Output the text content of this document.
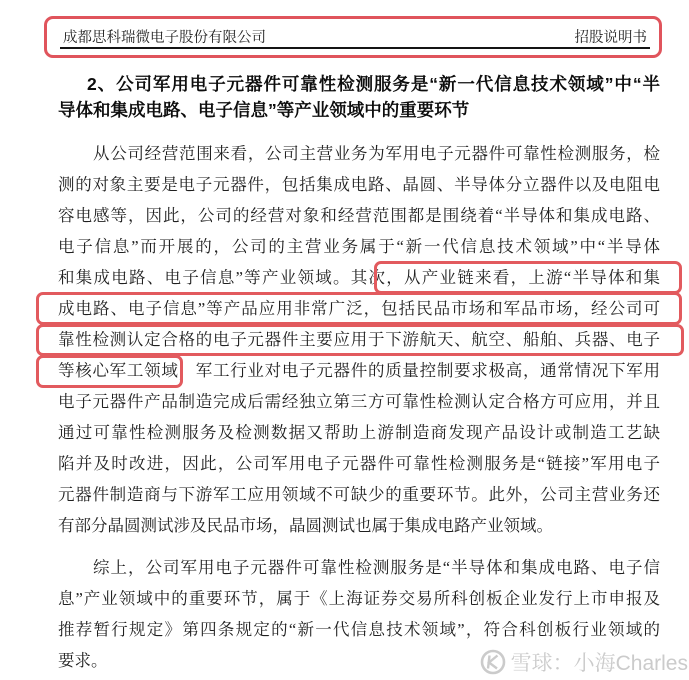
成都思科瑞微电子股份有限公司	招股说明书
2、公司军用电子元器件可靠性检测服务是“新一代信息技术领域”中“半
导体和集成电路、电子信息”等产业领域中的重要环节
从公司经营范围来看，公司主营业务为军用电子元器件可靠性检测服务，检
测的对象主要是电子元器件，包括集成电路、晶圆、半导体分立器件以及电阻电
容电感等，因此，公司的经营对象和经营范围都是围绕着“半导体和集成电路、
电子信息”而开展的，公司的主营业务属于“新一代信息技术领域”中“半导体
和集成电路、电子信息”等产业领域。其次，从产业链来看，上游“半导体和集
成电路、电子信息”等产品应用非常广泛，包括民品市场和军品市场，经公司可
靠性检测认定合格的电子元器件主要应用于下游航天、航空、船舶、兵器、电子
等核心军工领域，军工行业对电子元器件的质量控制要求极高，通常情况下军用
电子元器件产品制造完成后需经独立第三方可靠性检测认定合格方可应用，并且
通过可靠性检测服务及检测数据又帮助上游制造商发现产品设计或制造工艺缺
陷并及时改进，因此，公司军用电子元器件可靠性检测服务是“链接”军用电子
元器件制造商与下游军工应用领域不可缺少的重要环节。此外，公司主营业务还
有部分晶圆测试涉及民品市场，晶圆测试也属于集成电路产业领域。
综上，公司军用电子元器件可靠性检测服务是“半导体和集成电路、电子信
息”产业领域中的重要环节，属于《上海证券交易所科创板企业发行上市申报及
推荐暂行规定》第四条规定的“新一代信息技术领域”，符合科创板行业领域的
要求。	雪球：小海Charles
